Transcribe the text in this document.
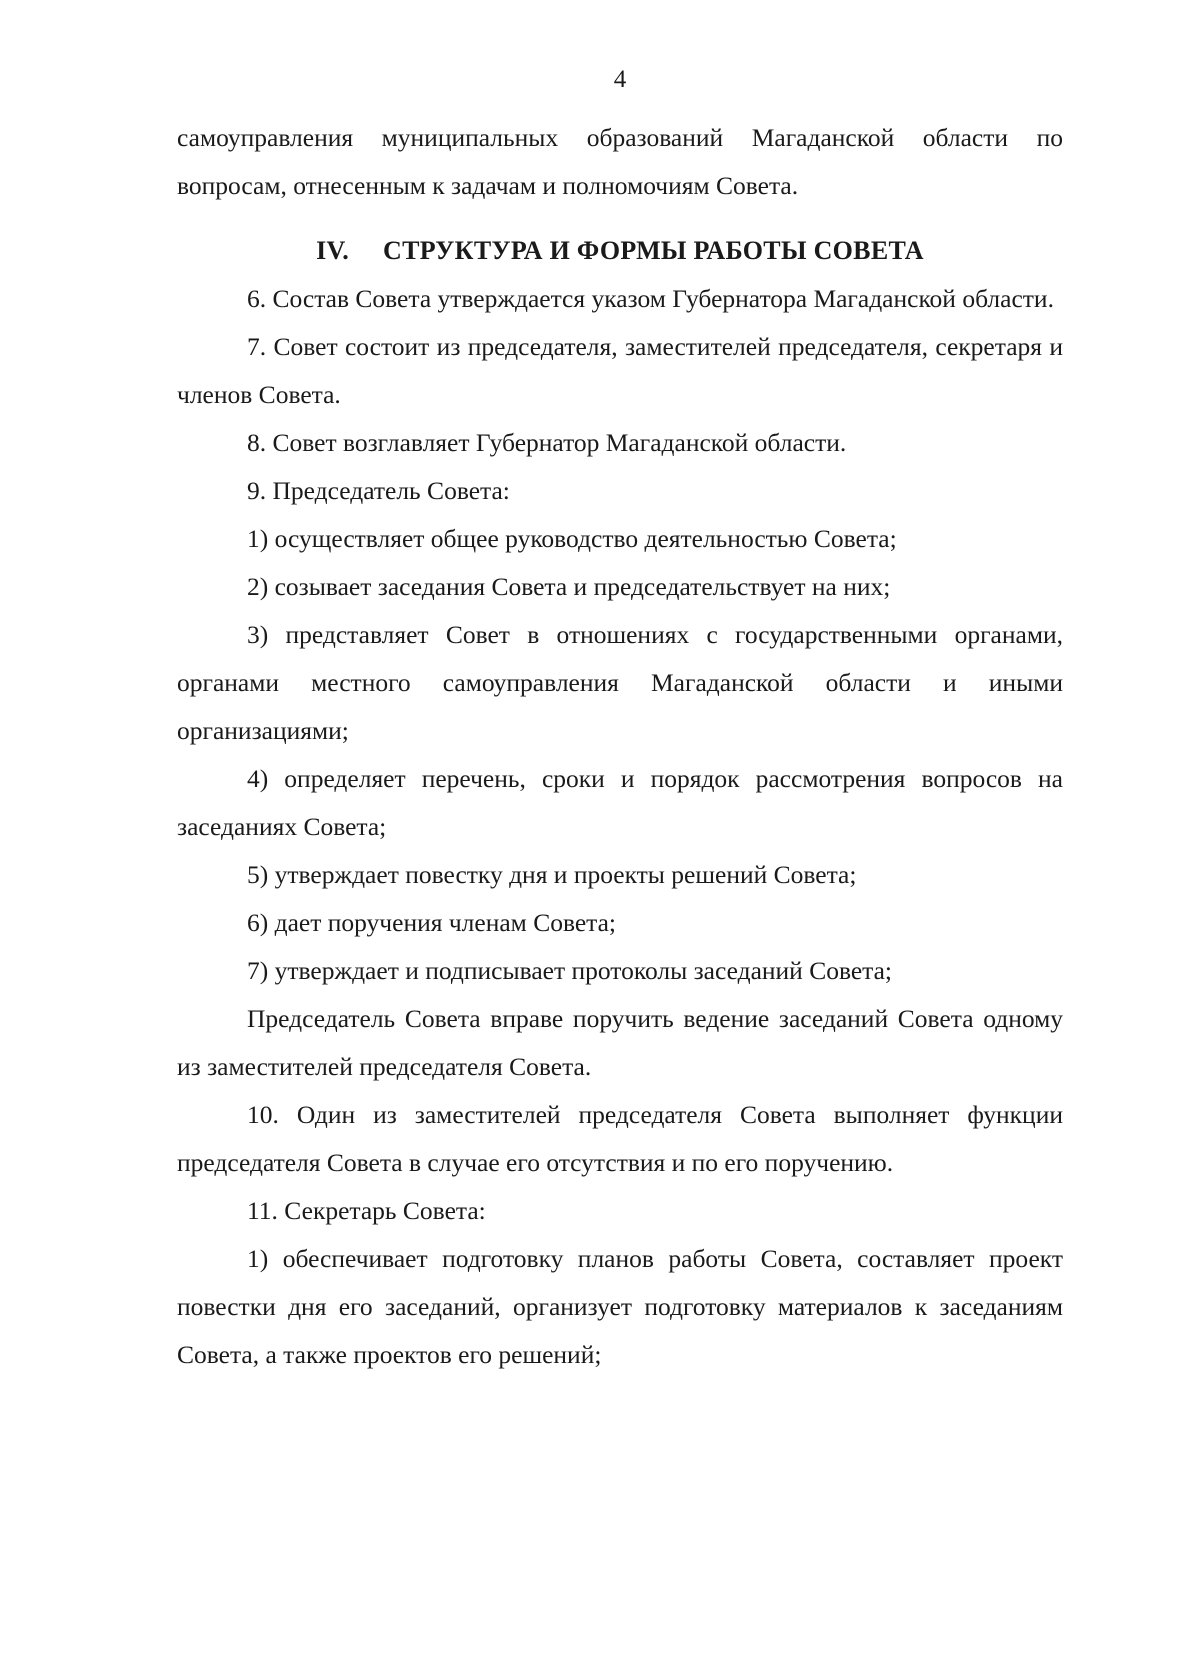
4

самоуправления муниципальных образований Магаданской области по вопросам, отнесенным к задачам и полномочиям Совета.

IV. СТРУКТУРА И ФОРМЫ РАБОТЫ СОВЕТА

6. Состав Совета утверждается указом Губернатора Магаданской области.

7. Совет состоит из председателя, заместителей председателя, секретаря и членов Совета.

8. Совет возглавляет Губернатор Магаданской области.

9. Председатель Совета:

1) осуществляет общее руководство деятельностью Совета;

2) созывает заседания Совета и председательствует на них;

3) представляет Совет в отношениях с государственными органами, органами местного самоуправления Магаданской области и иными организациями;

4) определяет перечень, сроки и порядок рассмотрения вопросов на заседаниях Совета;

5) утверждает повестку дня и проекты решений Совета;

6) дает поручения членам Совета;

7) утверждает и подписывает протоколы заседаний Совета;

Председатель Совета вправе поручить ведение заседаний Совета одному из заместителей председателя Совета.

10. Один из заместителей председателя Совета выполняет функции председателя Совета в случае его отсутствия и по его поручению.

11. Секретарь Совета:

1) обеспечивает подготовку планов работы Совета, составляет проект повестки дня его заседаний, организует подготовку материалов к заседаниям Совета, а также проектов его решений;
